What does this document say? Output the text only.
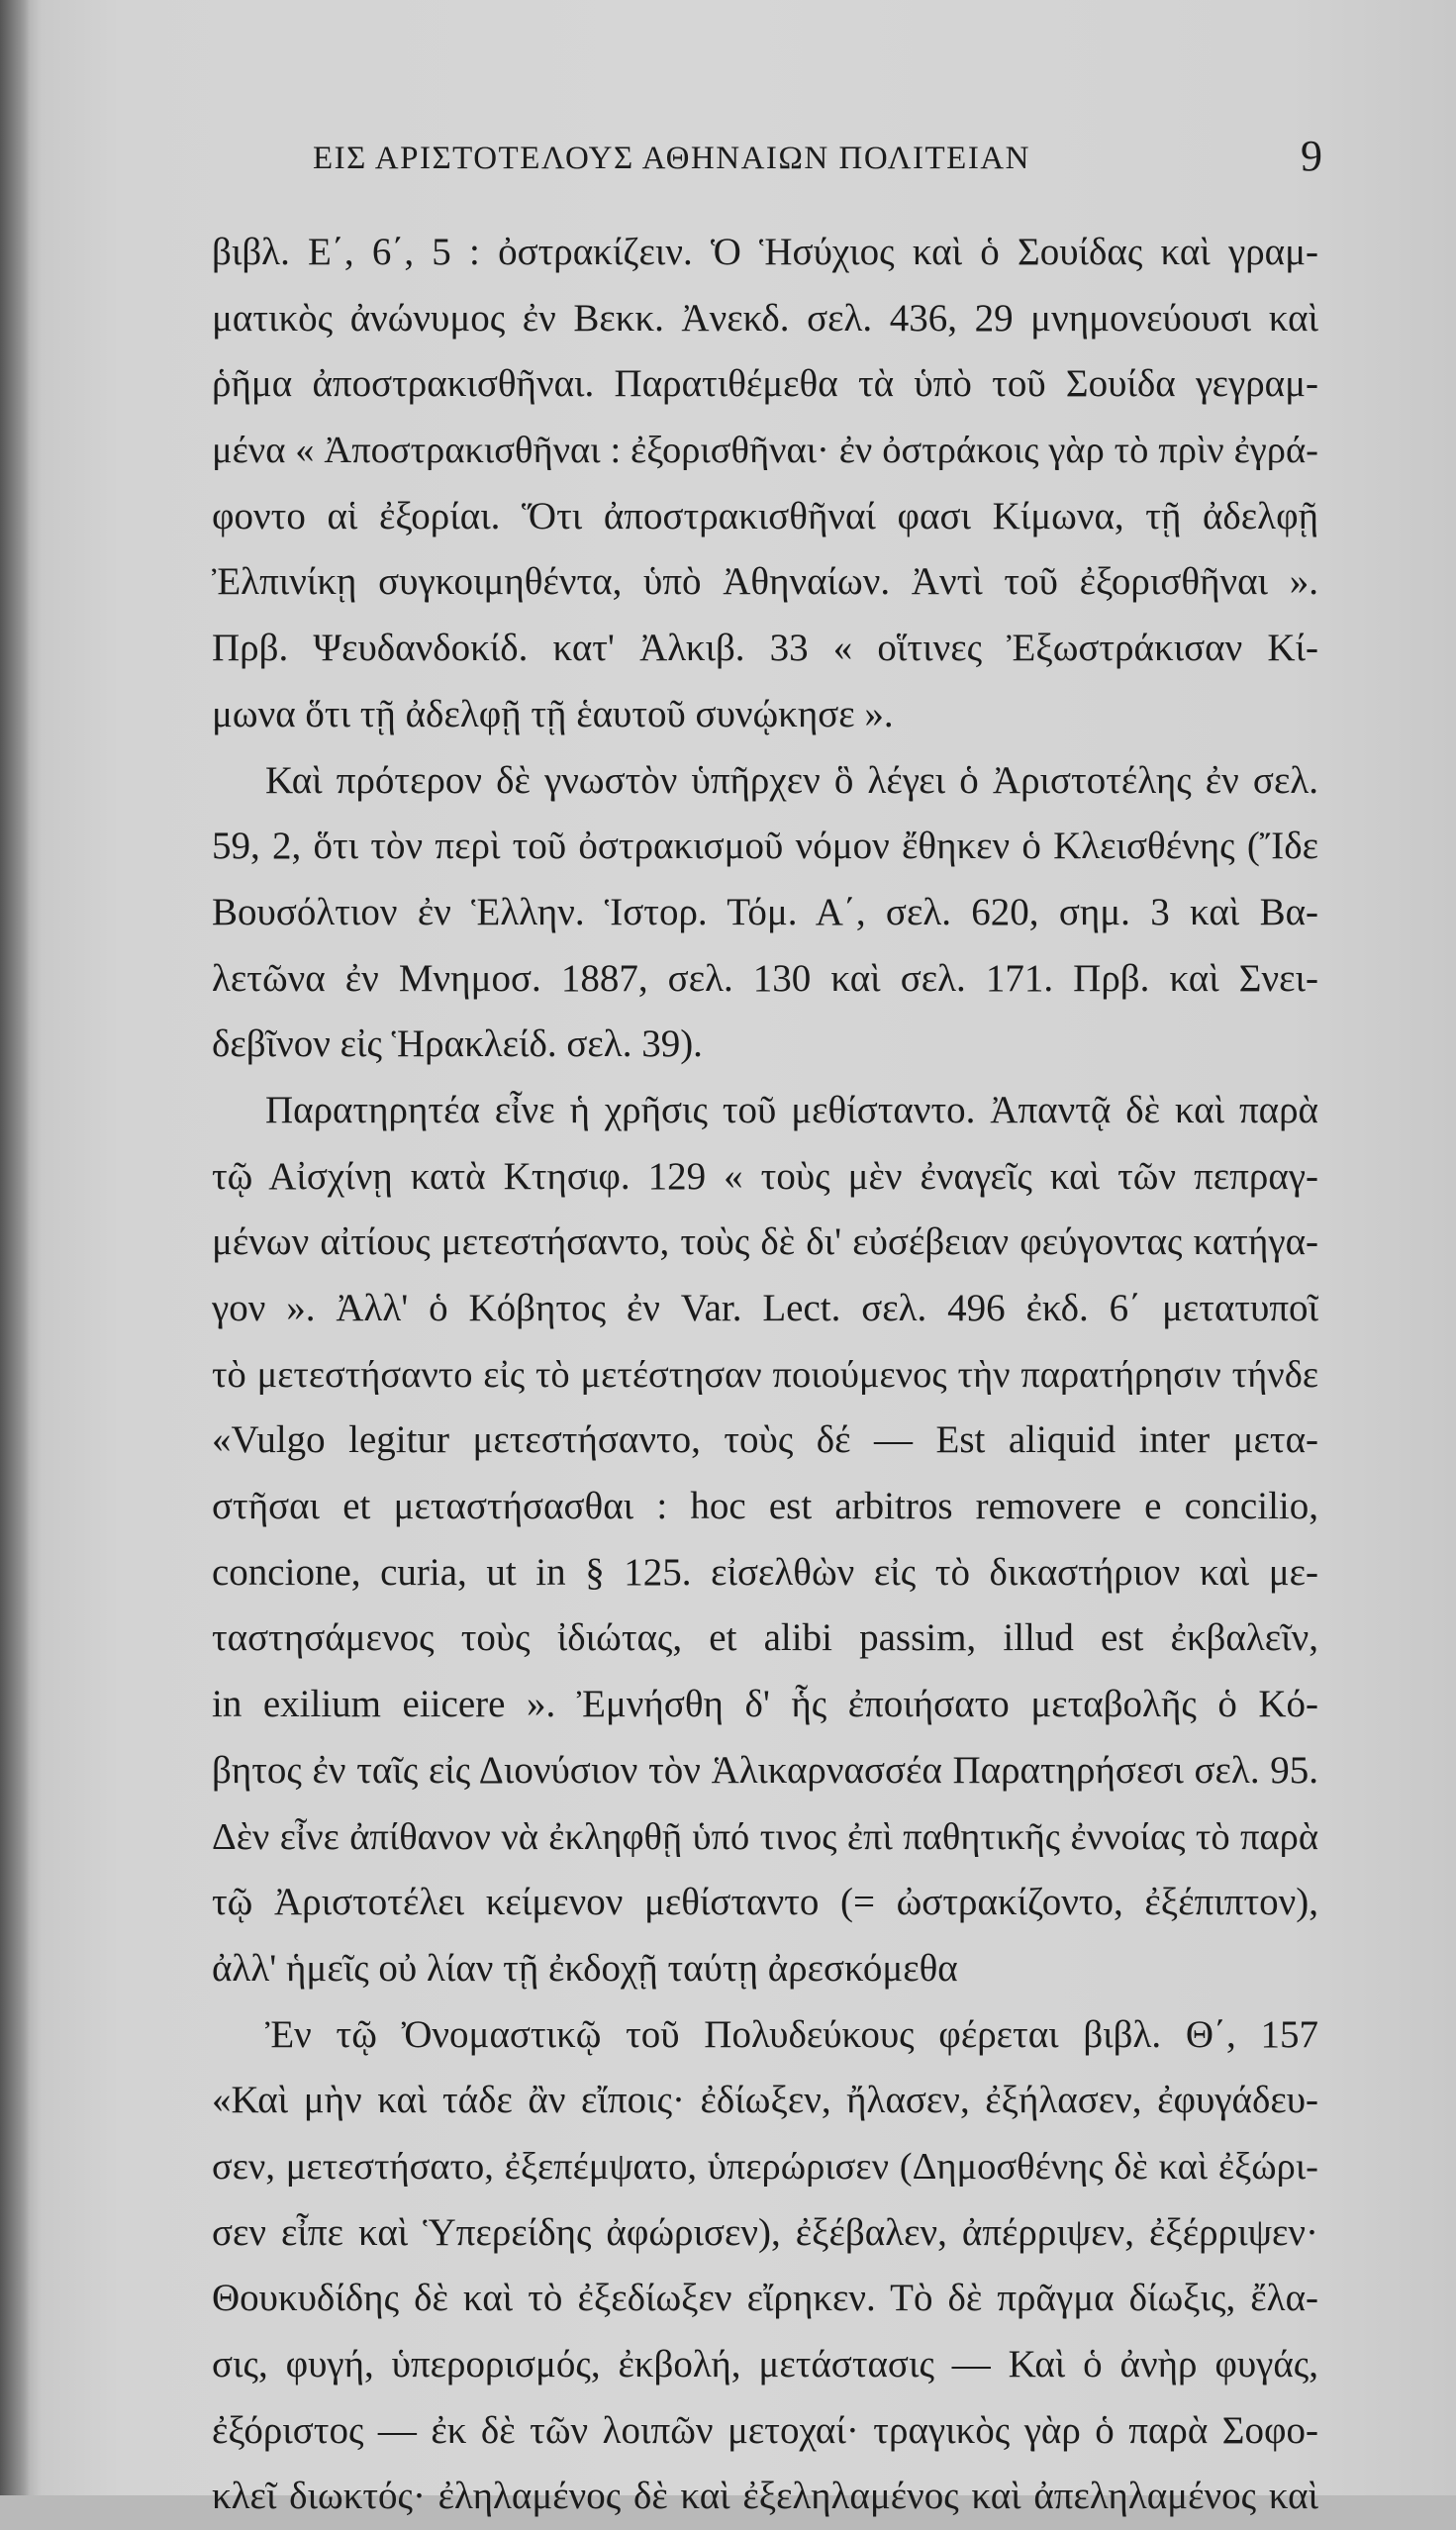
ΕΙΣ ΑΡΙΣΤΟΤΕΛΟΥΣ ΑΘΗΝΑΙΩΝ ΠΟΛΙΤΕΙΑΝ	9
βιβλ. Ε΄, 6΄, 5 : ὀστρακίζειν. Ὁ Ἡσύχιος καὶ ὁ Σουίδας καὶ γραμ-
ματικὸς ἀνώνυμος ἐν Βεκκ. Ἀνεκδ. σελ. 436, 29 μνημονεύουσι καὶ
ῥῆμα ἀποστρακισθῆναι. Παρατιθέμεθα τὰ ὑπὸ τοῦ Σουίδα γεγραμ-
μένα « Ἀποστρακισθῆναι : ἐξορισθῆναι· ἐν ὀστράκοις γὰρ τὸ πρὶν ἐγρά-
φοντο αἱ ἐξορίαι. Ὅτι ἀποστρακισθῆναί φασι Κίμωνα, τῇ ἀδελφῇ
Ἐλπινίκῃ συγκοιμηθέντα, ὑπὸ Ἀθηναίων. Ἀντὶ τοῦ ἐξορισθῆναι ».
Πρβ. Ψευδανδοκίδ. κατ' Ἀλκιβ. 33 « οἵτινες Ἐξωστράκισαν Κί-
μωνα ὅτι τῇ ἀδελφῇ τῇ ἑαυτοῦ συνῴκησε ».
Καὶ πρότερον δὲ γνωστὸν ὑπῆρχεν ὃ λέγει ὁ Ἀριστοτέλης ἐν σελ.
59, 2, ὅτι τὸν περὶ τοῦ ὀστρακισμοῦ νόμον ἔθηκεν ὁ Κλεισθένης (Ἴδε
Βουσόλτιον ἐν Ἑλλην. Ἱστορ. Τόμ. Α΄, σελ. 620, σημ. 3 καὶ Βα-
λετῶνα ἐν Μνημοσ. 1887, σελ. 130 καὶ σελ. 171. Πρβ. καὶ Σνει-
δεβῖνον εἰς Ἡρακλείδ. σελ. 39).
Παρατηρητέα εἶνε ἡ χρῆσις τοῦ μεθίσταντο. Ἀπαντᾷ δὲ καὶ παρὰ
τῷ Αἰσχίνῃ κατὰ Κτησιφ. 129 « τοὺς μὲν ἐναγεῖς καὶ τῶν πεπραγ-
μένων αἰτίους μετεστήσαντο, τοὺς δὲ δι' εὐσέβειαν φεύγοντας κατήγα-
γον ». Ἀλλ' ὁ Κόβητος ἐν Var. Lect. σελ. 496 ἐκδ. 6΄ μετατυποῖ
τὸ μετεστήσαντο εἰς τὸ μετέστησαν ποιούμενος τὴν παρατήρησιν τήνδε
«Vulgo legitur μετεστήσαντο, τοὺς δέ — Est aliquid inter μετα-
στῆσαι et μεταστήσασθαι : hoc est arbitros removere e concilio,
concione, curia, ut in § 125. εἰσελθὼν εἰς τὸ δικαστήριον καὶ με-
ταστησάμενος τοὺς ἰδιώτας, et alibi passim, illud est ἐκβαλεῖν,
in exilium eiicere ». Ἐμνήσθη δ' ἧς ἐποιήσατο μεταβολῆς ὁ Κό-
βητος ἐν ταῖς εἰς Διονύσιον τὸν Ἁλικαρνασσέα Παρατηρήσεσι σελ. 95.
Δὲν εἶνε ἀπίθανον νὰ ἐκληφθῇ ὑπό τινος ἐπὶ παθητικῆς ἐννοίας τὸ παρὰ
τῷ Ἀριστοτέλει κείμενον μεθίσταντο (= ὠστρακίζοντο, ἐξέπιπτον),
ἀλλ' ἡμεῖς οὐ λίαν τῇ ἐκδοχῇ ταύτῃ ἀρεσκόμεθα
Ἐν τῷ Ὀνομαστικῷ τοῦ Πολυδεύκους φέρεται βιβλ. Θ΄, 157
«Καὶ μὴν καὶ τάδε ἂν εἴποις· ἐδίωξεν, ἤλασεν, ἐξήλασεν, ἐφυγάδευ-
σεν, μετεστήσατο, ἐξεπέμψατο, ὑπερώρισεν (Δημοσθένης δὲ καὶ ἐξώρι-
σεν εἶπε καὶ Ὑπερείδης ἀφώρισεν), ἐξέβαλεν, ἀπέρριψεν, ἐξέρριψεν·
Θουκυδίδης δὲ καὶ τὸ ἐξεδίωξεν εἴρηκεν. Τὸ δὲ πρᾶγμα δίωξις, ἔλα-
σις, φυγή, ὑπερορισμός, ἐκβολή, μετάστασις — Καὶ ὁ ἀνὴρ φυγάς,
ἐξόριστος — ἐκ δὲ τῶν λοιπῶν μετοχαί· τραγικὸς γὰρ ὁ παρὰ Σοφο-
κλεῖ διωκτός· ἐληλαμένος δὲ καὶ ἐξεληλαμένος καὶ ἀπεληλαμένος καὶ
